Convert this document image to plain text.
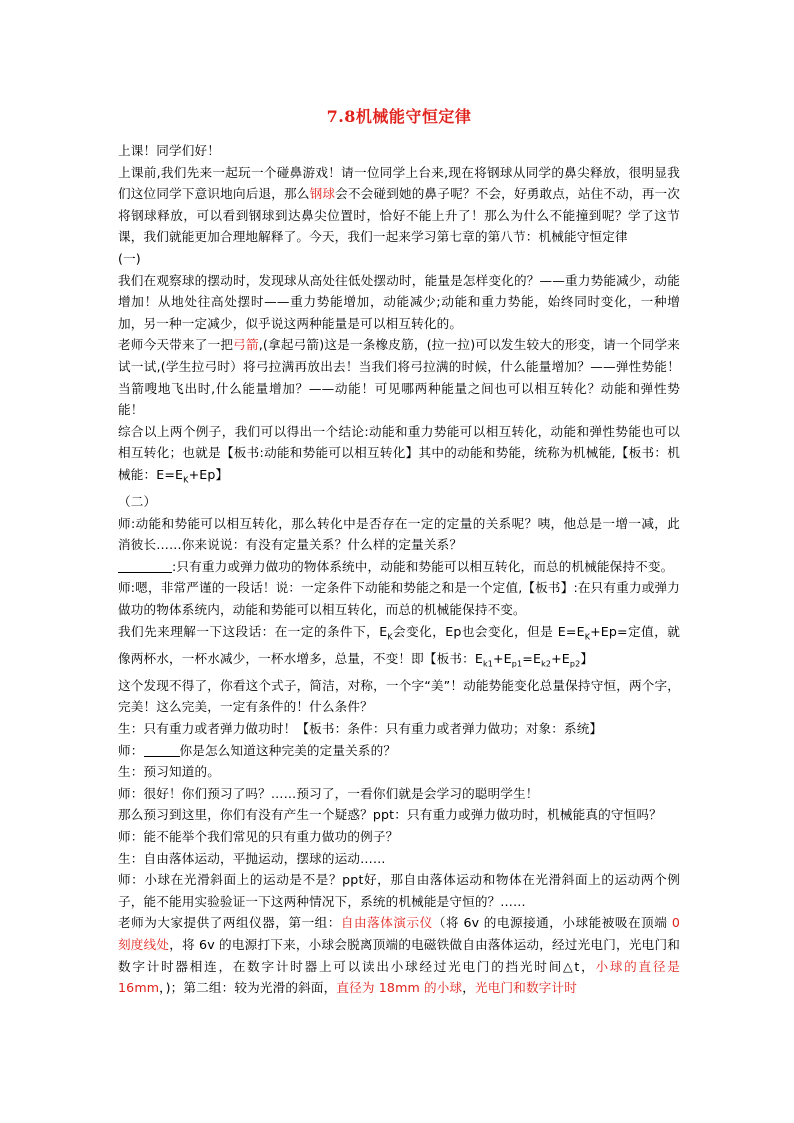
7.8机械能守恒定律

上课！同学们好！

上课前,我们先来一起玩一个碰鼻游戏！请一位同学上台来,现在将钢球从同学的鼻尖释放，很明显我们这位同学下意识地向后退，那么钢球会不会碰到她的鼻子呢？不会，好勇敢点，站住不动，再一次将钢球释放，可以看到钢球到达鼻尖位置时，恰好不能上升了！那么为什么不能撞到呢？学了这节课，我们就能更加合理地解释了。今天，我们一起来学习第七章的第八节：机械能守恒定律

(一)

我们在观察球的摆动时，发现球从高处往低处摆动时，能量是怎样变化的？——重力势能减少，动能增加！从地处往高处摆时——重力势能增加，动能减少;动能和重力势能，始终同时变化，一种增加，另一种一定减少，似乎说这两种能量是可以相互转化的。

老师今天带来了一把弓箭,(拿起弓箭)这是一条橡皮筋，(拉一拉)可以发生较大的形变，请一个同学来试一试,(学生拉弓时）将弓拉满再放出去！当我们将弓拉满的时候，什么能量增加？——弹性势能！当箭嗖地飞出时,什么能量增加？——动能！可见哪两种能量之间也可以相互转化？动能和弹性势能！

综合以上两个例子，我们可以得出一个结论:动能和重力势能可以相互转化，动能和弹性势能也可以相互转化；也就是【板书:动能和势能可以相互转化】其中的动能和势能，统称为机械能,【板书：机械能：$E=E_K+Ep$】

（二）

师:动能和势能可以相互转化，那么转化中是否存在一定的定量的关系呢？咦，他总是一增一减，此消彼长……你来说说：有没有定量关系？什么样的定量关系？

:只有重力或弹力做功的物体系统中，动能和势能可以相互转化，而总的机械能保持不变。

师:嗯，非常严谨的一段话！说：一定条件下动能和势能之和是一个定值,【板书】:在只有重力或弹力做功的物体系统内，动能和势能可以相互转化，而总的机械能保持不变。

我们先来理解一下这段话：在一定的条件下，$E_K$会变化，Ep也会变化，但是 $E=E_K+Ep=$定值，就像两杯水，一杯水减少，一杯水增多，总量，不变！即【板书：$E_{k1}+E_{p1}=E_{k2}+E_{p2}$】

这个发现不得了，你看这个式子，简洁，对称，一个字“美”！动能势能变化总量保持守恒，两个字，完美！这么完美，一定有条件的！什么条件？

生：只有重力或者弹力做功时！【板书：条件：只有重力或者弹力做功；对象：系统】

师：	你是怎么知道这种完美的定量关系的？

生：预习知道的。

师：很好！你们预习了吗？……预习了，一看你们就是会学习的聪明学生！

那么预习到这里，你们有没有产生一个疑惑？ppt：只有重力或弹力做功时，机械能真的守恒吗？

师：能不能举个我们常见的只有重力做功的例子？

生：自由落体运动，平抛运动，摆球的运动……

师：小球在光滑斜面上的运动是不是？ppt好，那自由落体运动和物体在光滑斜面上的运动两个例子，能不能用实验验证一下这两种情况下，系统的机械能是守恒的？……

老师为大家提供了两组仪器，第一组：自由落体演示仪（将 6v 的电源接通，小球能被吸在顶端 0 刻度线处，将 6v 的电源打下来，小球会脱离顶端的电磁铁做自由落体运动，经过光电门，光电门和数字计时器相连，在数字计时器上可以读出小球经过光电门的挡光时间△t，小球的直径是 16mm，)；第二组：较为光滑的斜面，直径为 18mm 的小球，光电门和数字计时
